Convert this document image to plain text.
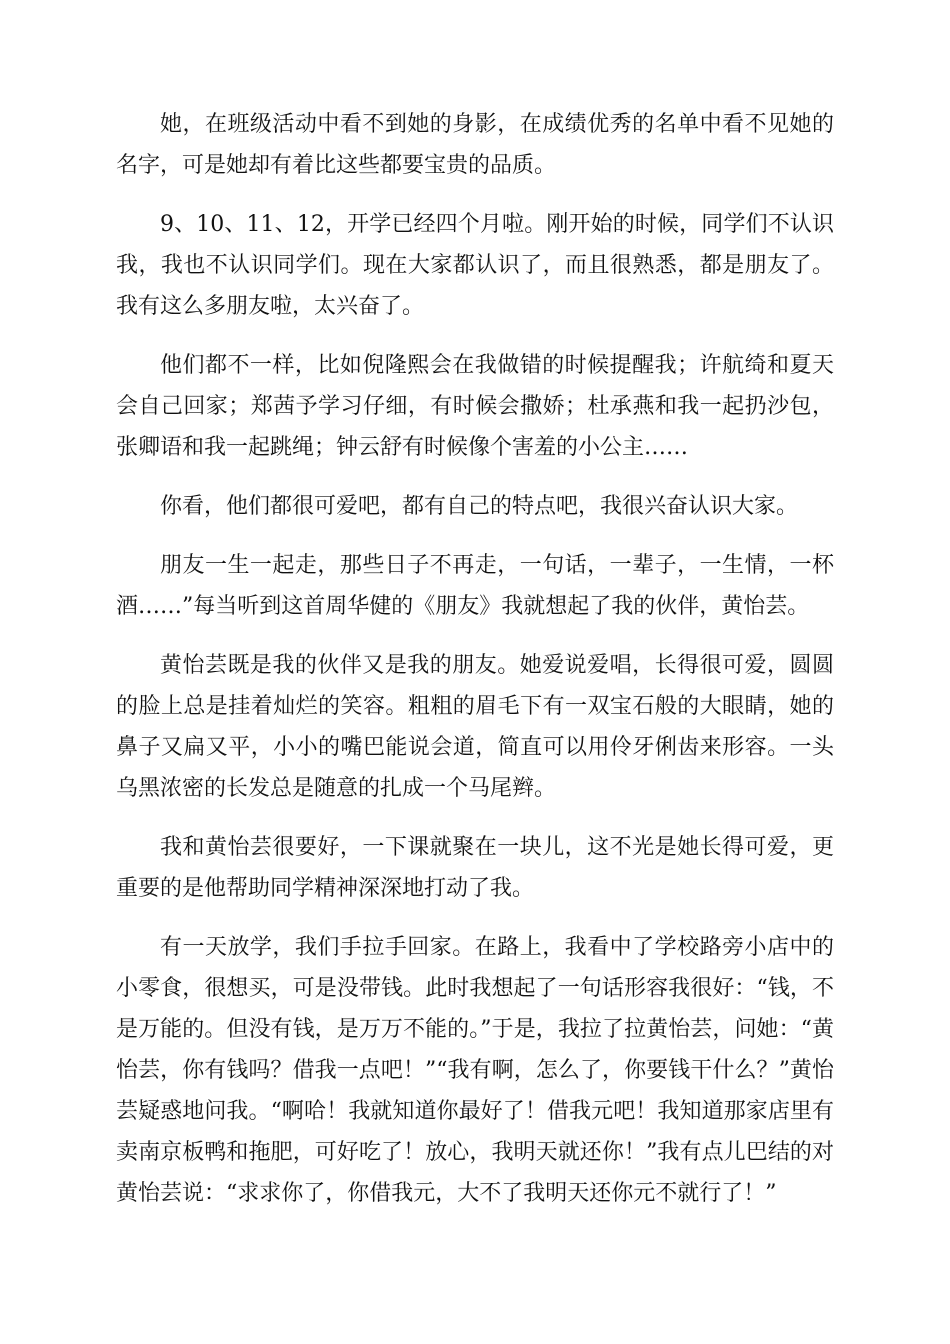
她，在班级活动中看不到她的身影，在成绩优秀的名单中看不见她的名字，可是她却有着比这些都要宝贵的品质。

9、10、11、12，开学已经四个月啦。刚开始的时候，同学们不认识我，我也不认识同学们。现在大家都认识了，而且很熟悉，都是朋友了。我有这么多朋友啦，太兴奋了。

他们都不一样，比如倪隆熙会在我做错的时候提醒我；许航绮和夏天会自己回家；郑茜予学习仔细，有时候会撒娇；杜承燕和我一起扔沙包，张卿语和我一起跳绳；钟云舒有时候像个害羞的小公主……

你看，他们都很可爱吧，都有自己的特点吧，我很兴奋认识大家。

朋友一生一起走，那些日子不再走，一句话，一辈子，一生情，一杯酒……”每当听到这首周华健的《朋友》我就想起了我的伙伴，黄怡芸。

黄怡芸既是我的伙伴又是我的朋友。她爱说爱唱，长得很可爱，圆圆的脸上总是挂着灿烂的笑容。粗粗的眉毛下有一双宝石般的大眼睛，她的鼻子又扁又平，小小的嘴巴能说会道，简直可以用伶牙俐齿来形容。一头乌黑浓密的长发总是随意的扎成一个马尾辫。

我和黄怡芸很要好，一下课就聚在一块儿，这不光是她长得可爱，更重要的是他帮助同学精神深深地打动了我。

有一天放学，我们手拉手回家。在路上，我看中了学校路旁小店中的小零食，很想买，可是没带钱。此时我想起了一句话形容我很好：“钱，不是万能的。但没有钱，是万万不能的。”于是，我拉了拉黄怡芸，问她：“黄怡芸，你有钱吗？借我一点吧！”“我有啊，怎么了，你要钱干什么？”黄怡芸疑惑地问我。“啊哈！我就知道你最好了！借我元吧！我知道那家店里有卖南京板鸭和拖肥，可好吃了！放心，我明天就还你！”我有点儿巴结的对黄怡芸说：“求求你了，你借我元，大不了我明天还你元不就行了！”
